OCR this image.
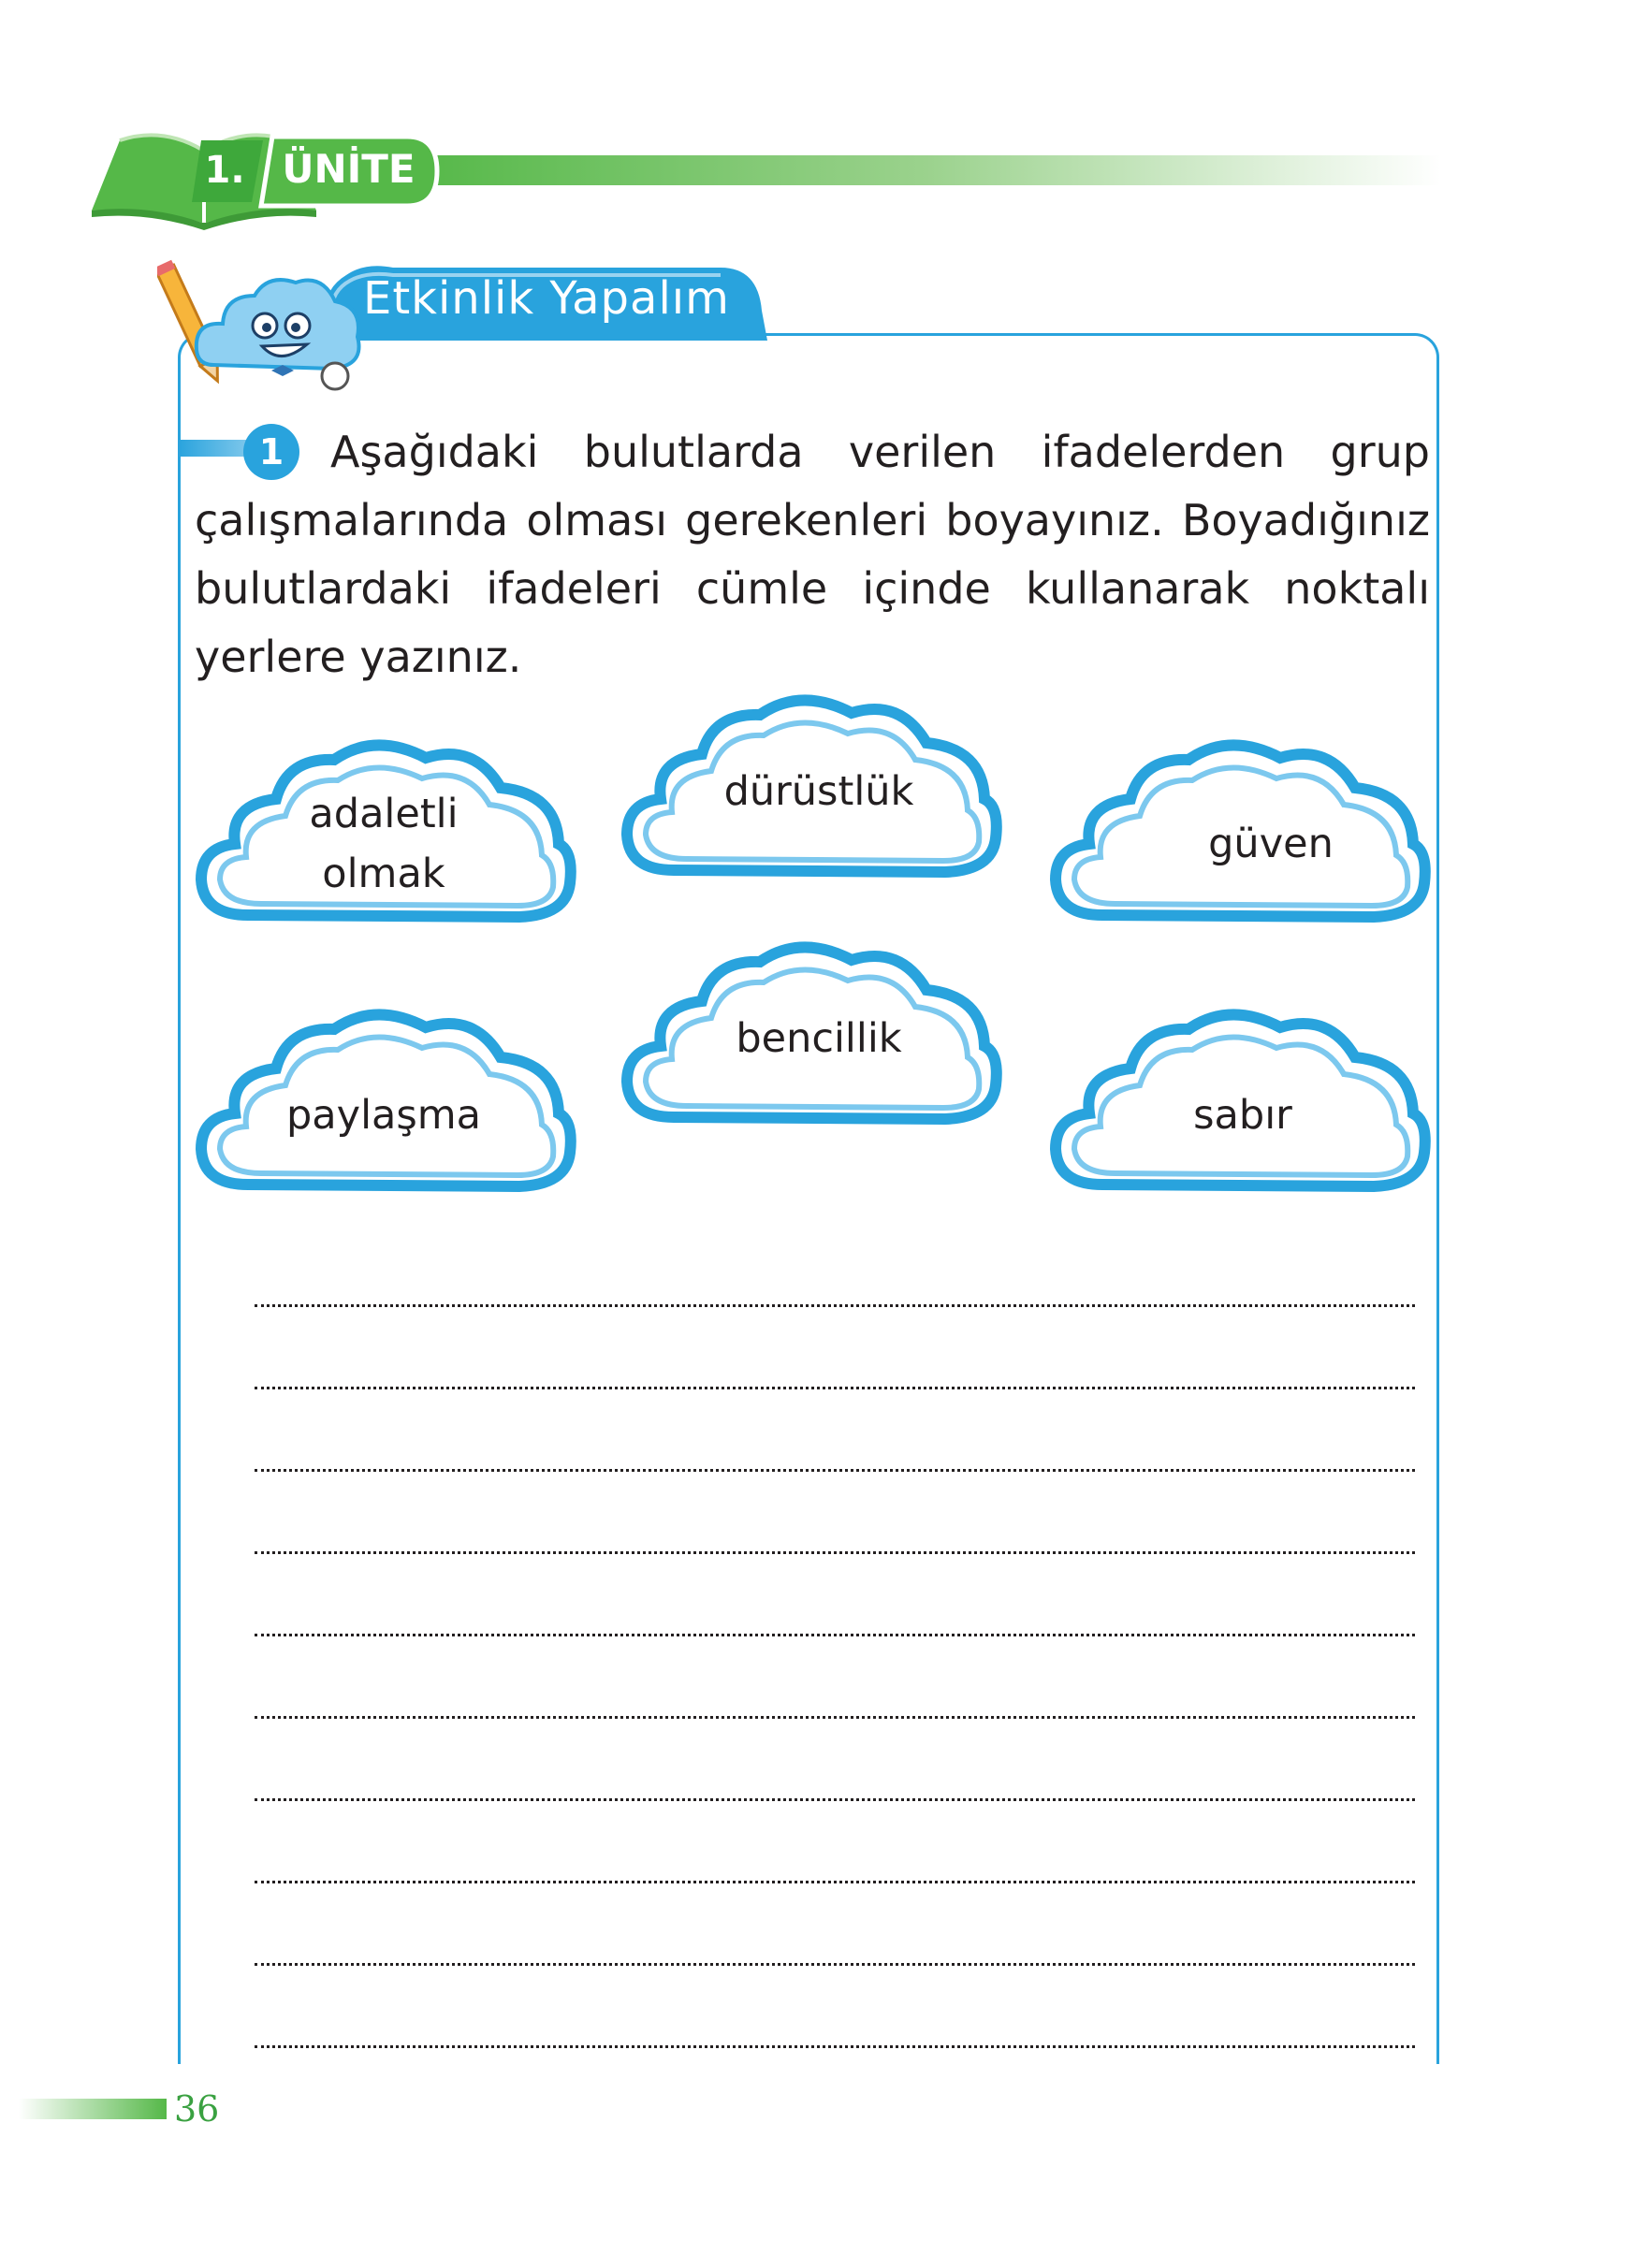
1. ÜNİTE
Etkinlik Yapalım
Aşağıdaki bulutlarda verilen ifadelerden grup çalışmalarında olması gerekenleri boyayınız. Boyadığınız bulutlardaki ifadeleri cümle içinde kullanarak noktalı yerlere yazınız.
1
adaletli
olmak
dürüstlük
güven
paylaşma
bencillik
sabır
36
